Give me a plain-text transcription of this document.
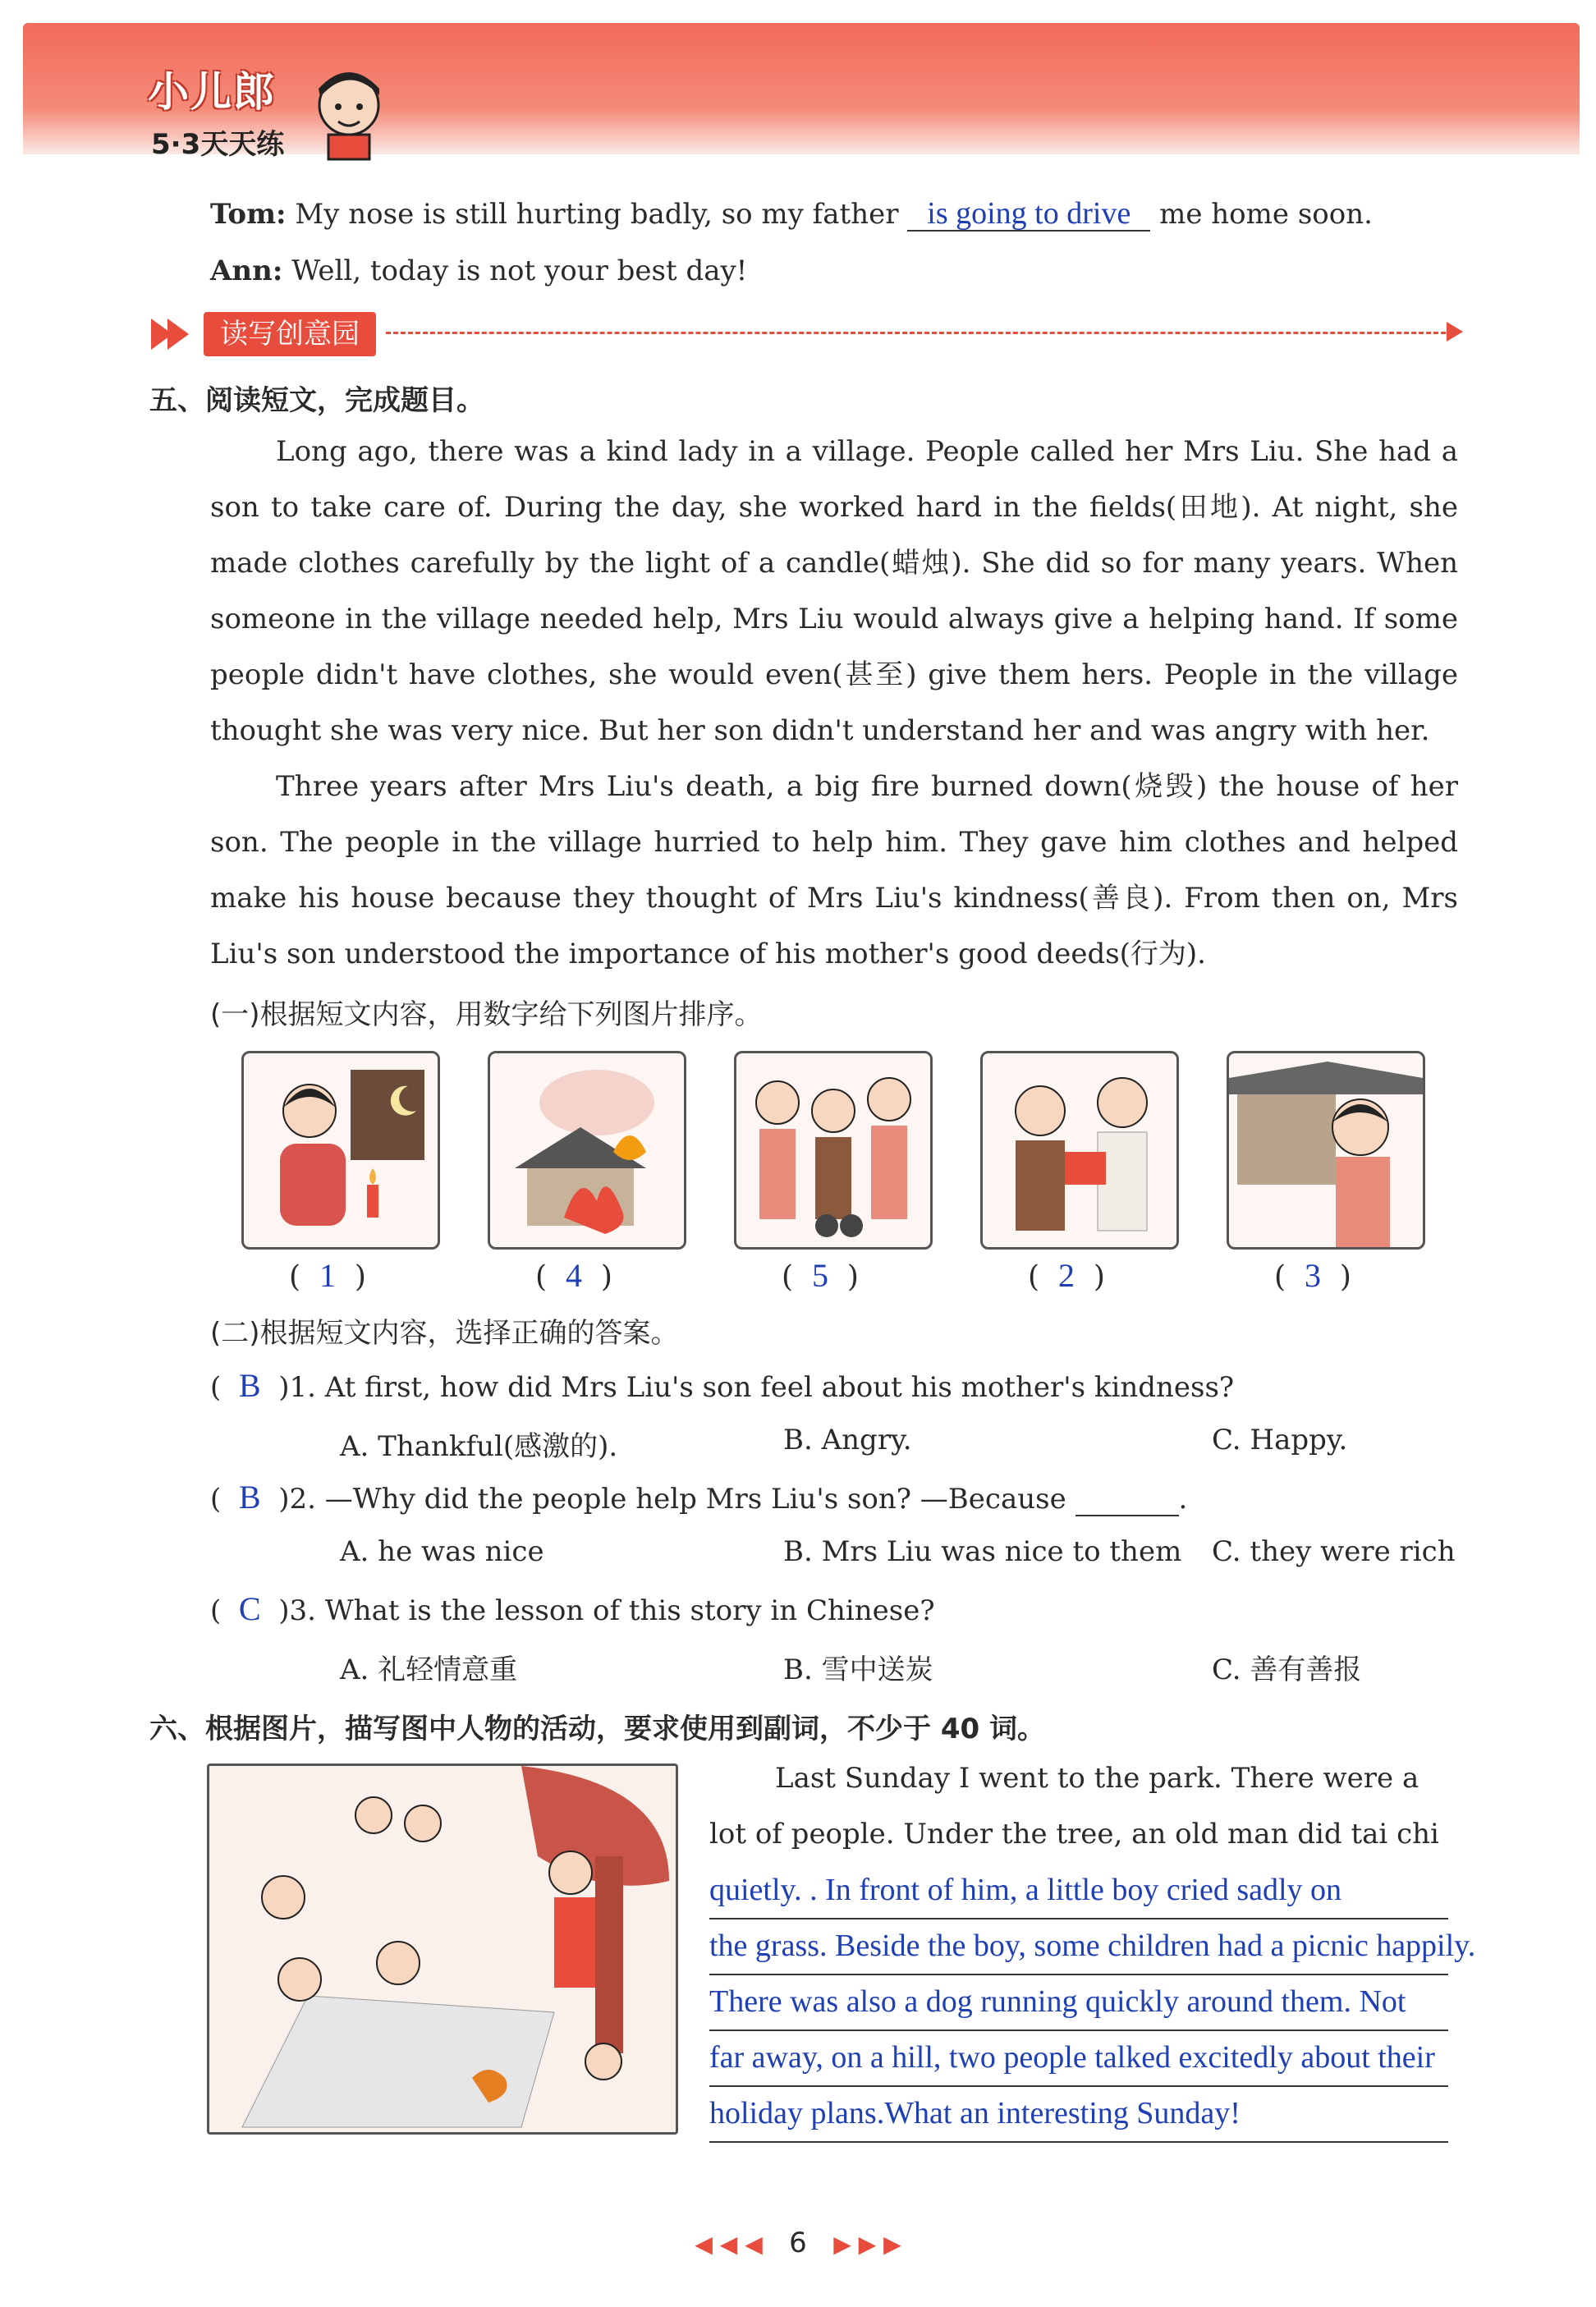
小儿郎
5·3天天练
Tom: My nose is still hurting badly, so my father is going to drive me home soon.
Ann: Well, today is not your best day!
读写创意园
五、阅读短文，完成题目。
Long ago, there was a kind lady in a village. People called her Mrs Liu. She had a son to take care of. During the day, she worked hard in the fields(田地). At night, she made clothes carefully by the light of a candle(蜡烛). She did so for many years. When someone in the village needed help, Mrs Liu would always give a helping hand. If some people didn't have clothes, she would even(甚至) give them hers. People in the village thought she was very nice. But her son didn't understand her and was angry with her.
Three years after Mrs Liu's death, a big fire burned down(烧毁) the house of her son. The people in the village hurried to help him. They gave him clothes and helped make his house because they thought of Mrs Liu's kindness(善良). From then on, Mrs Liu's son understood the importance of his mother's good deeds(行为).
(一)根据短文内容，用数字给下列图片排序。
(  1  )	(  4  )	(  5  )	(  2  )	(  3  )
(二)根据短文内容，选择正确的答案。
(  B )1. At first, how did Mrs Liu's son feel about his mother's kindness?
A. Thankful(感激的).	B. Angry.	C. Happy.
(  B )2. —Why did the people help Mrs Liu's son? —Because	.
A. he was nice	B. Mrs Liu was nice to them C. they were rich
(  C )3. What is the lesson of this story in Chinese?
A. 礼轻情意重	B. 雪中送炭	C. 善有善报
六、根据图片，描写图中人物的活动，要求使用到副词，不少于 40 词。
Last Sunday I went to the park. There were a
lot of people. Under the tree, an old man did tai chi
quietly. . In front of him, a little boy cried sadly on
the grass. Beside the boy, some children had a picnic happily.
There was also a dog running quickly around them. Not
far away, on a hill, two people talked excitedly about their
holiday plans.What an interesting Sunday!
◀ ◀ ◀ 6 ▶ ▶ ▶
